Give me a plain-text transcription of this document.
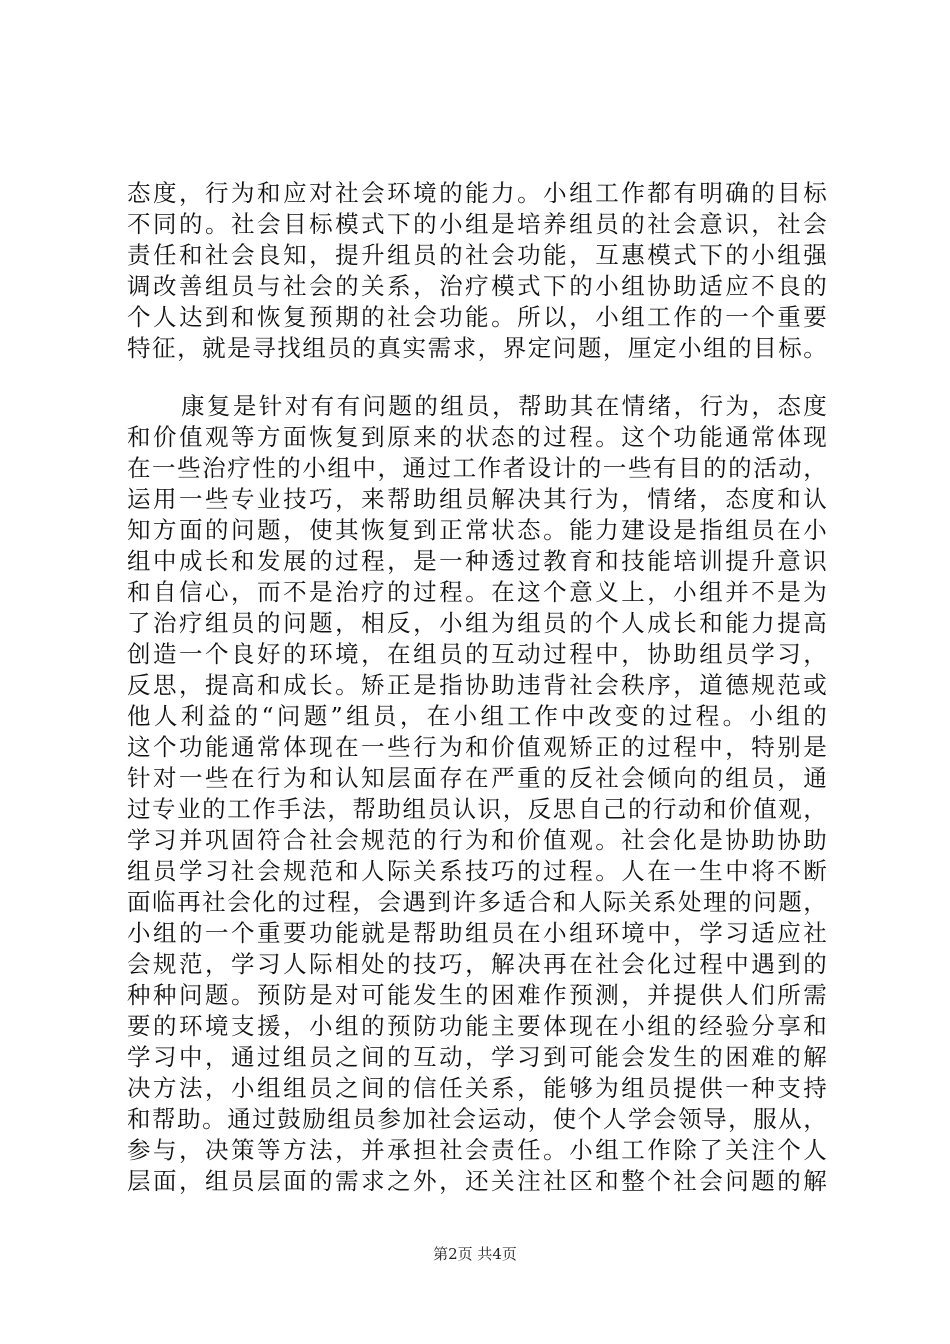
态度，行为和应对社会环境的能力。小组工作都有明确的目标
不同的。社会目标模式下的小组是培养组员的社会意识，社会
责任和社会良知，提升组员的社会功能，互惠模式下的小组强
调改善组员与社会的关系，治疗模式下的小组协助适应不良的
个人达到和恢复预期的社会功能。所以，小组工作的一个重要
特征，就是寻找组员的真实需求，界定问题，厘定小组的目标。
康复是针对有有问题的组员，帮助其在情绪，行为，态度
和价值观等方面恢复到原来的状态的过程。这个功能通常体现
在一些治疗性的小组中，通过工作者设计的一些有目的的活动，
运用一些专业技巧，来帮助组员解决其行为，情绪，态度和认
知方面的问题，使其恢复到正常状态。能力建设是指组员在小
组中成长和发展的过程，是一种透过教育和技能培训提升意识
和自信心，而不是治疗的过程。在这个意义上，小组并不是为
了治疗组员的问题，相反，小组为组员的个人成长和能力提高
创造一个良好的环境，在组员的互动过程中，协助组员学习，
反思，提高和成长。矫正是指协助违背社会秩序，道德规范或
他人利益的“问题”组员，在小组工作中改变的过程。小组的
这个功能通常体现在一些行为和价值观矫正的过程中，特别是
针对一些在行为和认知层面存在严重的反社会倾向的组员，通
过专业的工作手法，帮助组员认识，反思自己的行动和价值观，
学习并巩固符合社会规范的行为和价值观。社会化是协助协助
组员学习社会规范和人际关系技巧的过程。人在一生中将不断
面临再社会化的过程，会遇到许多适合和人际关系处理的问题，
小组的一个重要功能就是帮助组员在小组环境中，学习适应社
会规范，学习人际相处的技巧，解决再在社会化过程中遇到的
种种问题。预防是对可能发生的困难作预测，并提供人们所需
要的环境支援，小组的预防功能主要体现在小组的经验分享和
学习中，通过组员之间的互动，学习到可能会发生的困难的解
决方法，小组组员之间的信任关系，能够为组员提供一种支持
和帮助。通过鼓励组员参加社会运动，使个人学会领导，服从，
参与，决策等方法，并承担社会责任。小组工作除了关注个人
层面，组员层面的需求之外，还关注社区和整个社会问题的解
第2页 共4页
